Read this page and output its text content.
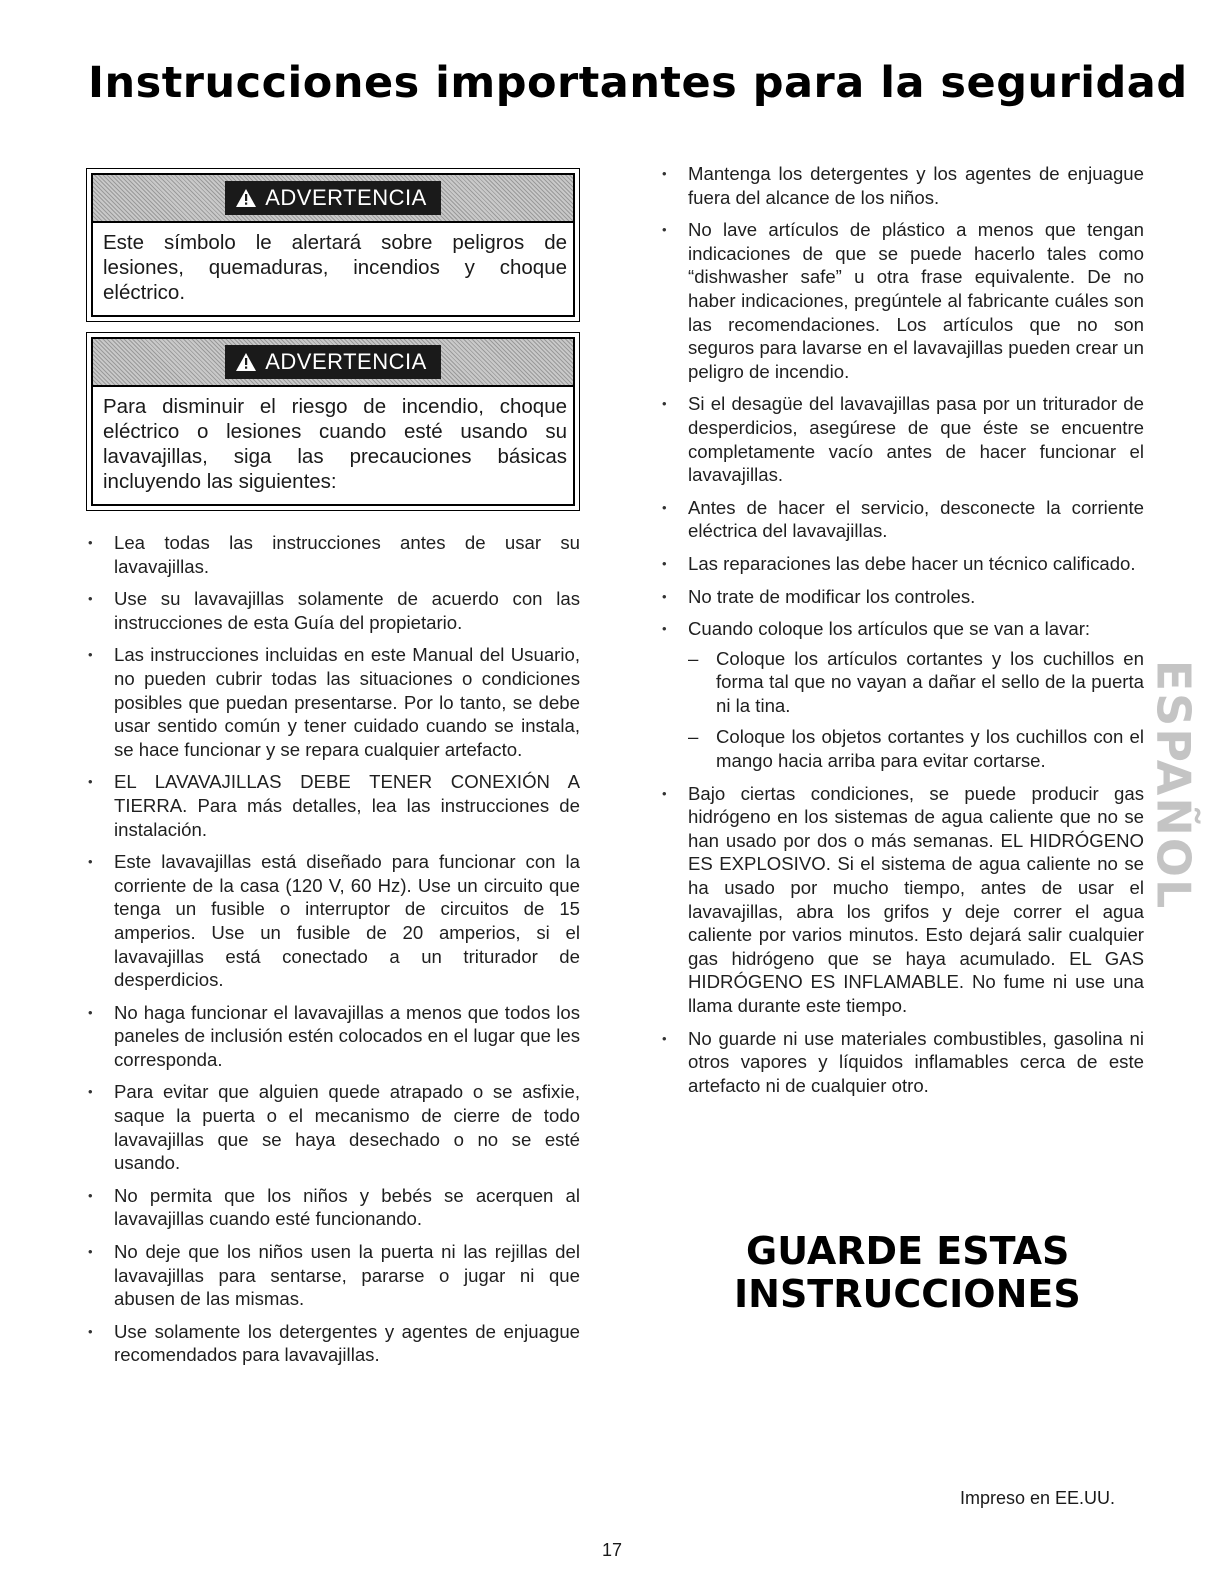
Instrucciones importantes para la seguridad
ADVERTENCIA
Este símbolo le alertará sobre peligros de lesiones, quemaduras, incendios y choque eléctrico.
ADVERTENCIA
Para disminuir el riesgo de incendio, choque eléctrico o lesiones cuando esté usando su lavavajillas, siga las precauciones básicas incluyendo las siguientes:
• Lea todas las instrucciones antes de usar su lavavajillas.
• Use su lavavajillas solamente de acuerdo con las instrucciones de esta Guía del propietario.
• Las instrucciones incluidas en este Manual del Usuario, no pueden cubrir todas las situaciones o condiciones posibles que puedan presentarse. Por lo tanto, se debe usar sentido común y tener cuidado cuando se instala, se hace funcionar y se repara cualquier artefacto.
• EL LAVAVAJILLAS DEBE TENER CONEXIÓN A TIERRA. Para más detalles, lea las instrucciones de instalación.
• Este lavavajillas está diseñado para funcionar con la corriente de la casa (120 V, 60 Hz). Use un circuito que tenga un fusible o interruptor de circuitos de 15 amperios. Use un fusible de 20 amperios, si el lavavajillas está conectado a un triturador de desperdicios.
• No haga funcionar el lavavajillas a menos que todos los paneles de inclusión estén colocados en el lugar que les corresponda.
• Para evitar que alguien quede atrapado o se asfixie, saque la puerta o el mecanismo de cierre de todo lavavajillas que se haya desechado o no se esté usando.
• No permita que los niños y bebés se acerquen al lavavajillas cuando esté funcionando.
• No deje que los niños usen la puerta ni las rejillas del lavavajillas para sentarse, pararse o jugar ni que abusen de las mismas.
• Use solamente los detergentes y agentes de enjuague recomendados para lavavajillas.
• Mantenga los detergentes y los agentes de enjuague fuera del alcance de los niños.
• No lave artículos de plástico a menos que tengan indicaciones de que se puede hacerlo tales como “dishwasher safe” u otra frase equivalente. De no haber indicaciones, pregúntele al fabricante cuáles son las recomendaciones. Los artículos que no son seguros para lavarse en el lavavajillas pueden crear un peligro de incendio.
• Si el desagüe del lavavajillas pasa por un triturador de desperdicios, asegúrese de que éste se encuentre completamente vacío antes de hacer funcionar el lavavajillas.
• Antes de hacer el servicio, desconecte la corriente eléctrica del lavavajillas.
• Las reparaciones las debe hacer un técnico calificado.
• No trate de modificar los controles.
• Cuando coloque los artículos que se van a lavar:
– Coloque los artículos cortantes y los cuchillos en forma tal que no vayan a dañar el sello de la puerta ni la tina.
– Coloque los objetos cortantes y los cuchillos con el mango hacia arriba para evitar cortarse.
• Bajo ciertas condiciones, se puede producir gas hidrógeno en los sistemas de agua caliente que no se han usado por dos o más semanas. EL HIDRÓGENO ES EXPLOSIVO. Si el sistema de agua caliente no se ha usado por mucho tiempo, antes de usar el lavavajillas, abra los grifos y deje correr el agua caliente por varios minutos. Esto dejará salir cualquier gas hidrógeno que se haya acumulado. EL GAS HIDRÓGENO ES INFLAMABLE. No fume ni use una llama durante este tiempo.
• No guarde ni use materiales combustibles, gasolina ni otros vapores y líquidos inflamables cerca de este artefacto ni de cualquier otro.
GUARDE ESTAS
INSTRUCCIONES
ESPAÑOL
Impreso en EE.UU.
17
